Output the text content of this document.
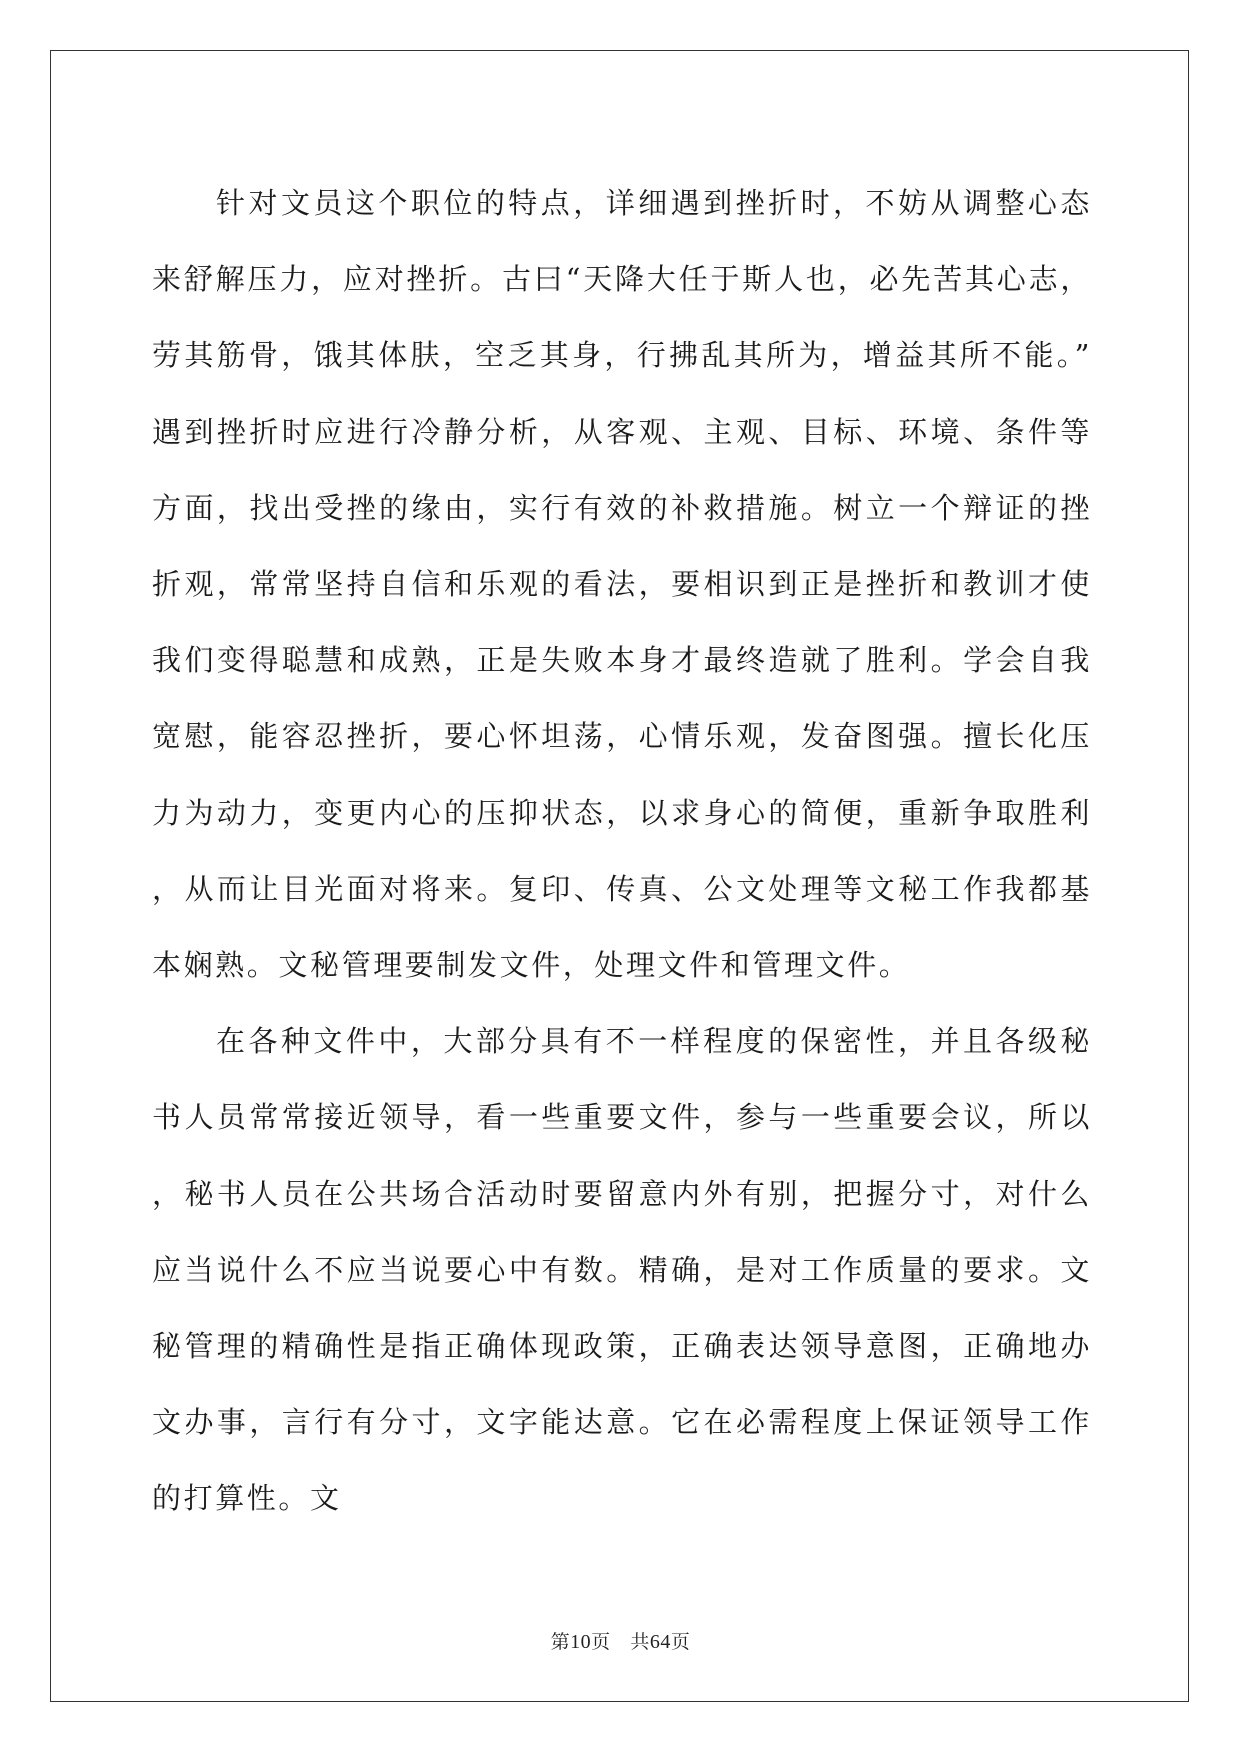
针对文员这个职位的特点，详细遇到挫折时，不妨从调整心态来舒解压力，应对挫折。古曰“天降大任于斯人也，必先苦其心志，劳其筋骨，饿其体肤，空乏其身，行拂乱其所为，增益其所不能。”遇到挫折时应进行冷静分析，从客观、主观、目标、环境、条件等方面，找出受挫的缘由，实行有效的补救措施。树立一个辩证的挫折观，常常坚持自信和乐观的看法，要相识到正是挫折和教训才使我们变得聪慧和成熟，正是失败本身才最终造就了胜利。学会自我宽慰，能容忍挫折，要心怀坦荡，心情乐观，发奋图强。擅长化压力为动力，变更内心的压抑状态，以求身心的简便，重新争取胜利，从而让目光面对将来。复印、传真、公文处理等文秘工作我都基本娴熟。文秘管理要制发文件，处理文件和管理文件。

在各种文件中，大部分具有不一样程度的保密性，并且各级秘书人员常常接近领导，看一些重要文件，参与一些重要会议，所以，秘书人员在公共场合活动时要留意内外有别，把握分寸，对什么应当说什么不应当说要心中有数。精确，是对工作质量的要求。文秘管理的精确性是指正确体现政策，正确表达领导意图，正确地办文办事，言行有分寸，文字能达意。它在必需程度上保证领导工作的打算性。文

第10页 共64页
